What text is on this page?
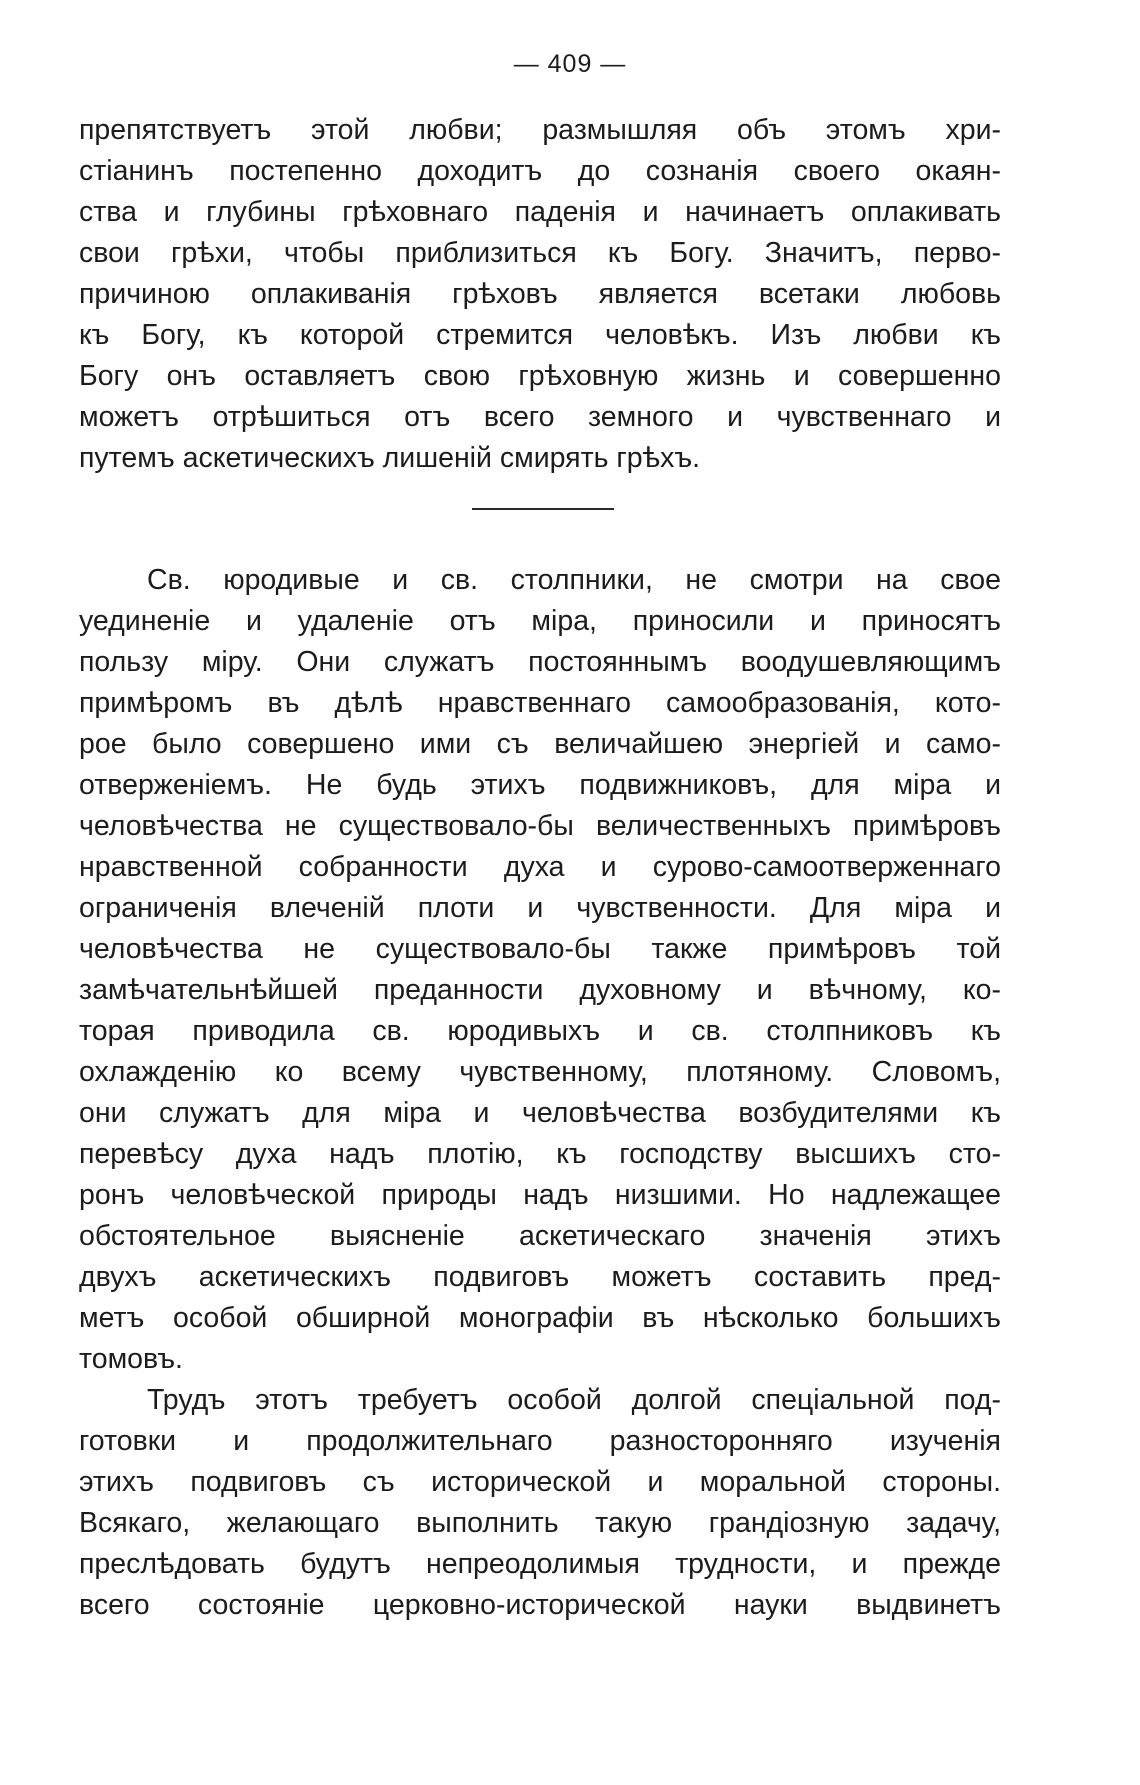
— 409 —
препятствуетъ этой любви; размышляя объ этомъ хри-
стіанинъ постепенно доходитъ до сознанія своего окаян-
ства и глубины грѣховнаго паденія и начинаетъ оплакивать
свои грѣхи, чтобы приблизиться къ Богу. Значитъ, перво-
причиною оплакиванія грѣховъ является всетаки любовь
къ Богу, къ которой стремится человѣкъ. Изъ любви къ
Богу онъ оставляетъ свою грѣховную жизнь и совершенно
можетъ отрѣшиться отъ всего земного и чувственнаго и
путемъ аскетическихъ лишеній смирять грѣхъ.
Св. юродивые и св. столпники, не смотри на свое
уединеніе и удаленіе отъ міра, приносили и приносятъ
пользу міру. Они служатъ постояннымъ воодушевляющимъ
примѣромъ въ дѣлѣ нравственнаго самообразованія, кото-
рое было совершено ими съ величайшею энергіей и само-
отверженіемъ. Не будь этихъ подвижниковъ, для міра и
человѣчества не существовало-бы величественныхъ примѣровъ
нравственной собранности духа и сурово-самоотверженнаго
ограниченія влеченій плоти и чувственности. Для міра и
человѣчества не существовало-бы также примѣровъ той
замѣчательнѣйшей преданности духовному и вѣчному, ко-
торая приводила св. юродивыхъ и св. столпниковъ къ
охлажденію ко всему чувственному, плотяному. Словомъ,
они служатъ для міра и человѣчества возбудителями къ
перевѣсу духа надъ плотію, къ господству высшихъ сто-
ронъ человѣческой природы надъ низшими. Но надлежащее
обстоятельное выясненіе аскетическаго значенія этихъ
двухъ аскетическихъ подвиговъ можетъ составить пред-
метъ особой обширной монографіи въ нѣсколько большихъ
томовъ.
Трудъ этотъ требуетъ особой долгой спеціальной под-
готовки и продолжительнаго разносторонняго изученія
этихъ подвиговъ съ исторической и моральной стороны.
Всякаго, желающаго выполнить такую грандіозную задачу,
преслѣдовать будутъ непреодолимыя трудности, и прежде
всего состояніе церковно-исторической науки выдвинетъ
